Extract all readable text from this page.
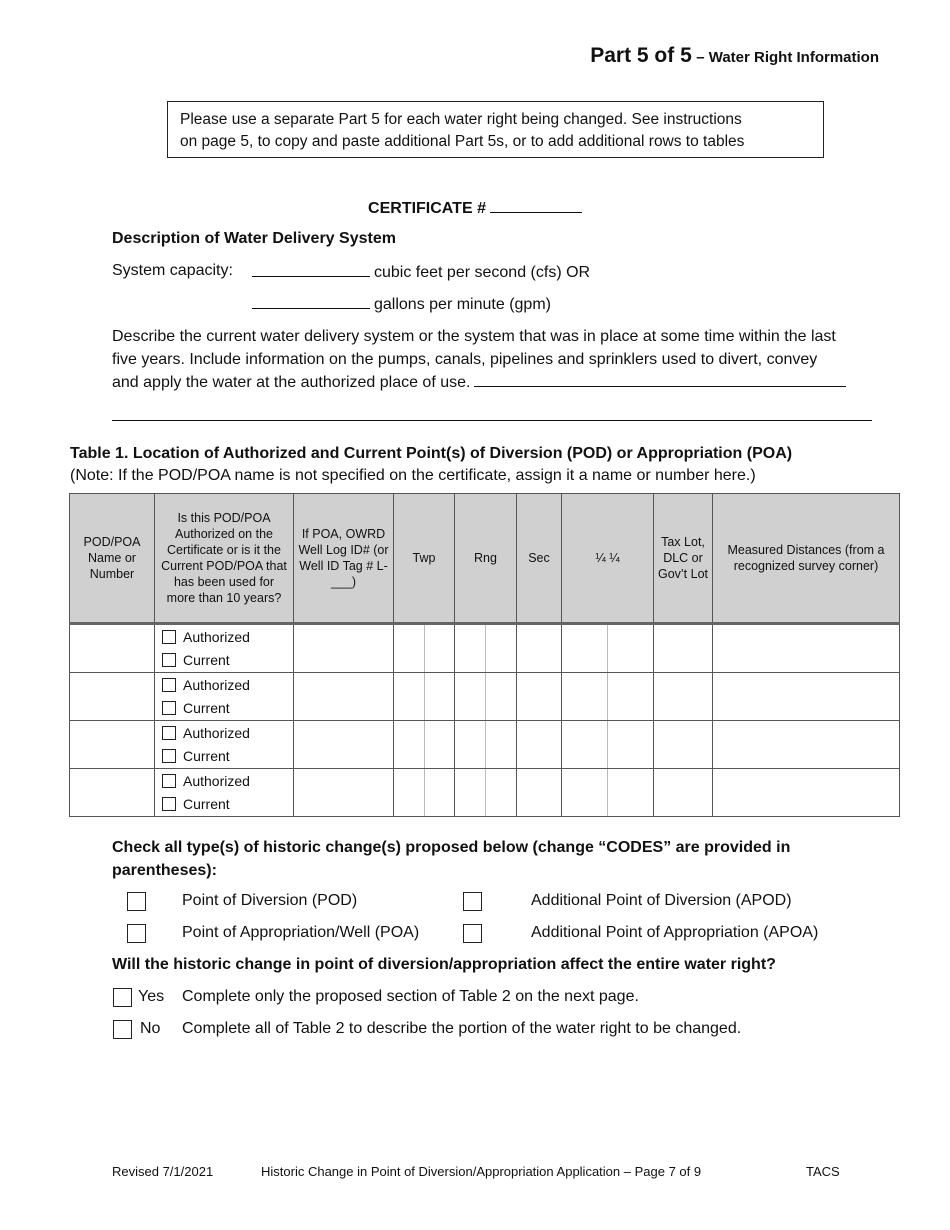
Part 5 of 5 – Water Right Information
Please use a separate Part 5 for each water right being changed. See instructions
on page 5, to copy and paste additional Part 5s, or to add additional rows to tables
CERTIFICATE #
Description of Water Delivery System
System capacity:	cubic feet per second (cfs) OR
gallons per minute (gpm)
Describe the current water delivery system or the system that was in place at some time within the last
five years. Include information on the pumps, canals, pipelines and sprinklers used to divert, convey
and apply the water at the authorized place of use.
Table 1. Location of Authorized and Current Point(s) of Diversion (POD) or Appropriation (POA)
(Note: If the POD/POA name is not specified on the certificate, assign it a name or number here.)
POD/POA Name or Number	Is this POD/POA Authorized on the Certificate or is it the Current POD/POA that has been used for more than 10 years?	If POA, OWRD Well Log ID# (or Well ID Tag # L-___)	Twp	Rng	Sec	¼ ¼	Tax Lot, DLC or Gov’t Lot	Measured Distances (from a recognized survey corner)

	Authorized
Current							

	Authorized
Current							

	Authorized
Current							

	Authorized
Current							

Check all type(s) of historic change(s) proposed below (change “CODES” are provided in parentheses):
Point of Diversion (POD)	Additional Point of Diversion (APOD)
Point of Appropriation/Well (POA)	Additional Point of Appropriation (APOA)
Will the historic change in point of diversion/appropriation affect the entire water right?
Yes Complete only the proposed section of Table 2 on the next page.
No Complete all of Table 2 to describe the portion of the water right to be changed.
Revised 7/1/2021	Historic Change in Point of Diversion/Appropriation Application – Page 7 of 9	TACS
